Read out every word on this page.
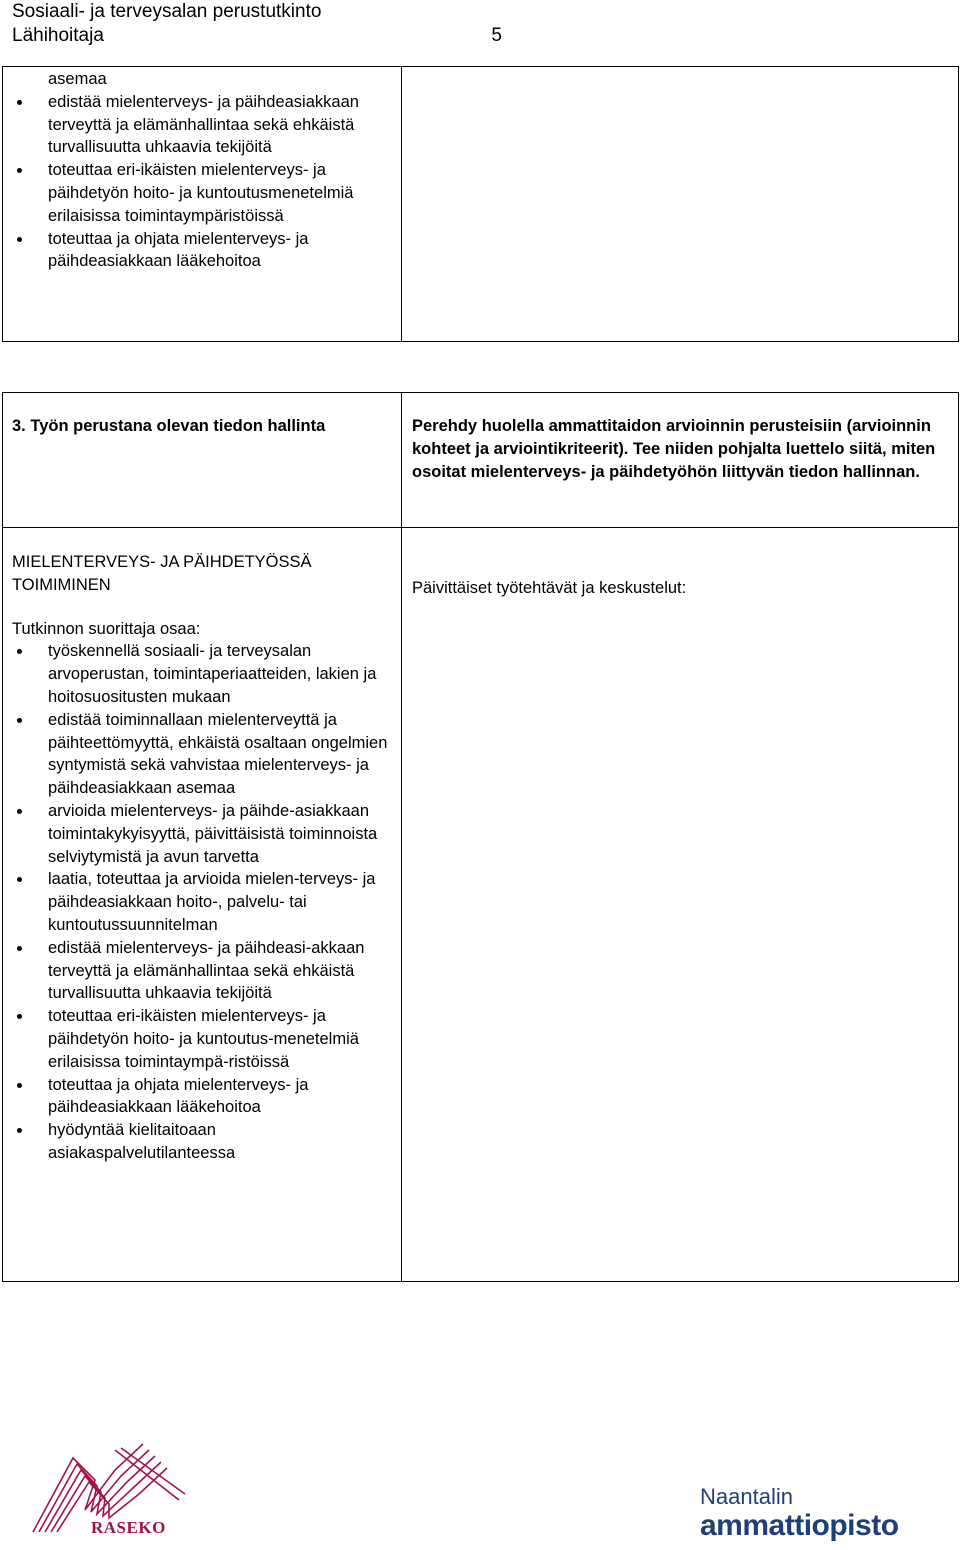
Sosiaali- ja terveysalan perustutkinto
Lähihoitaja	5

asemaa

edistää mielenterveys- ja päihdeasiakkaan terveyttä ja elämänhallintaa sekä ehkäistä turvallisuutta uhkaavia tekijöitä
toteuttaa eri-ikäisten mielenterveys- ja päihdetyön hoito- ja kuntoutusmenetelmiä erilaisissa toimintaympäristöissä
toteuttaa ja ohjata mielenterveys- ja päihdeasiakkaan lääkehoitoa
3. Työn perustana olevan tiedon hallinta	Perehdy huolella ammattitaidon arvioinnin perusteisiin (arvioinnin kohteet ja arviointikriteerit). Tee niiden pohjalta luettelo siitä, miten osoitat mielenterveys- ja päihdetyöhön liittyvän tiedon hallinnan.
MIELENTERVEYS- JA PÄIHDETYÖSSÄ TOIMIMINEN
Tutkinnon suorittaja osaa:
työskennellä sosiaali- ja terveysalan arvoperustan, toimintaperiaatteiden, lakien ja hoitosuositusten mukaan
edistää toiminnallaan mielenterveyttä ja päihteettömyyttä, ehkäistä osaltaan ongelmien syntymistä sekä vahvistaa mielenterveys- ja päihdeasiakkaan asemaa
arvioida mielenterveys- ja päihde-asiakkaan toimintakykyisyyttä, päivittäisistä toiminnoista selviytymistä ja avun tarvetta
laatia, toteuttaa ja arvioida mielen-terveys- ja päihdeasiakkaan hoito-, palvelu- tai kuntoutussuunnitelman
edistää mielenterveys- ja päihdeasi-akkaan terveyttä ja elämänhallintaa sekä ehkäistä turvallisuutta uhkaavia tekijöitä
toteuttaa eri-ikäisten mielenterveys- ja päihdetyön hoito- ja kuntoutus-menetelmiä erilaisissa toimintaympä-ristöissä
toteuttaa ja ohjata mielenterveys- ja päihdeasiakkaan lääkehoitoa
hyödyntää kielitaitoaan asiakaspalvelutilanteessa
Päivittäiset työtehtävät ja keskustelut:
RASEKO
Naantalin
ammattiopisto
